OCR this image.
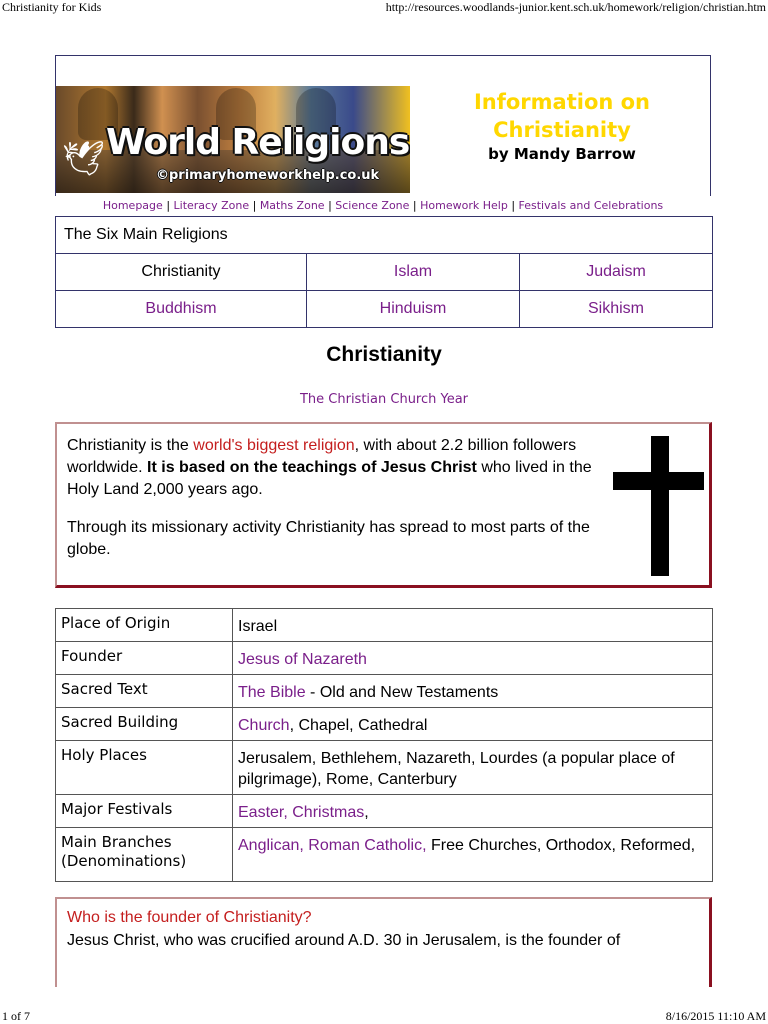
Christianity for Kids	http://resources.woodlands-junior.kent.sch.uk/homework/religion/christian.htm
🕊 World Religions
©primaryhomeworkhelp.co.uk
Information on Christianity
by Mandy Barrow
Homepage | Literacy Zone | Maths Zone | Science Zone | Homework Help | Festivals and Celebrations
The Six Main Religions		
Christianity	Islam	Judaism
Buddhism	Hinduism	Sikhism
Christianity
The Christian Church Year

Christianity is the world's biggest religion, with about 2.2 billion followers worldwide. It is based on the teachings of Jesus Christ who lived in the Holy Land 2,000 years ago.

Through its missionary activity Christianity has spread to most parts of the globe.

Place of Origin	Israel
Founder	Jesus of Nazareth
Sacred Text	The Bible - Old and New Testaments
Sacred Building	Church, Chapel, Cathedral
Holy Places	Jerusalem, Bethlehem, Nazareth, Lourdes (a popular place of pilgrimage), Rome, Canterbury
Major Festivals	Easter, Christmas,
Main Branches
(Denominations)	Anglican, Roman Catholic, Free Churches, Orthodox, Reformed,
Who is the founder of Christianity?
Jesus Christ, who was crucified around A.D. 30 in Jerusalem, is the founder of
1 of 7	8/16/2015 11:10 AM
